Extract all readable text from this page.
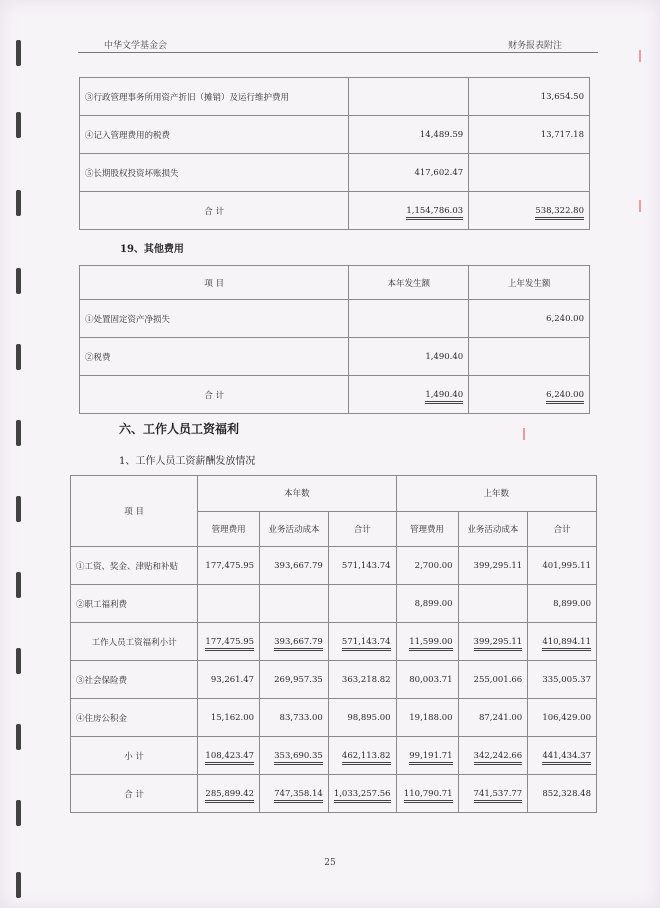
中华文学基金会	财务报表附注
③行政管理事务所用资产折旧（摊销）及运行维护费用		13,654.50
④记入管理费用的税费	14,489.59	13,717.18
⑤长期股权投资坏账损失	417,602.47	
合 计	1,154,786.03	538,322.80
19、其他费用
项 目	本年发生额	上年发生额
①处置固定资产净损失		6,240.00
②税费	1,490.40	
合 计	1,490.40	6,240.00
六、工作人员工资福利
1、工作人员工资薪酬发放情况
项 目	本年数			上年数		
	管理费用	业务活动成本	合计	管理费用	业务活动成本	合计
①工资、奖金、津贴和补贴	177,475.95	393,667.79	571,143.74	2,700.00	399,295.11	401,995.11
②职工福利费				8,899.00		8,899.00
工作人员工资福利小计	177,475.95	393,667.79	571,143.74	11,599.00	399,295.11	410,894.11
③社会保险费	93,261.47	269,957.35	363,218.82	80,003.71	255,001.66	335,005.37
④住房公积金	15,162.00	83,733.00	98,895.00	19,188.00	87,241.00	106,429.00
小 计	108,423.47	353,690.35	462,113.82	99,191.71	342,242.66	441,434.37
合 计	285,899.42	747,358.14	1,033,257.56	110,790.71	741,537.77	852,328.48
25
